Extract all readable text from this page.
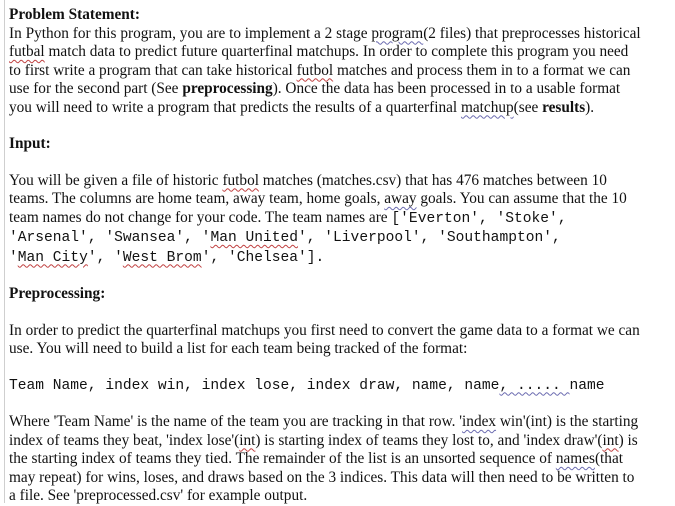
Problem Statement:

In Python for this program, you are to implement a 2 stage program(2 files) that preprocesses historical

futbal match data to predict future quarterfinal matchups. In order to complete this program you need

to first write a program that can take historical futbol matches and process them in to a format we can

use for the second part (See preprocessing). Once the data has been processed in to a usable format

you will need to write a program that predicts the results of a quarterfinal matchup(see results).

Input:

You will be given a file of historic futbol matches (matches.csv) that has 476 matches between 10

teams. The columns are home team, away team, home goals, away goals. You can assume that the 10

team names do not change for your code. The team names are ['Everton', 'Stoke',

'Arsenal', 'Swansea', 'Man United', 'Liverpool', 'Southampton',

'Man City', 'West Brom', 'Chelsea'].

Preprocessing:

In order to predict the quarterfinal matchups you first need to convert the game data to a format we can

use. You will need to build a list for each team being tracked of the format:

Team Name, index win, index lose, index draw, name, name, ..... name

Where 'Team Name' is the name of the team you are tracking in that row. 'index win'(int) is the starting

index of teams they beat, 'index lose'(int) is starting index of teams they lost to, and 'index draw'(int) is

the starting index of teams they tied. The remainder of the list is an unsorted sequence of names(that

may repeat) for wins, loses, and draws based on the 3 indices. This data will then need to be written to

a file. See 'preprocessed.csv' for example output.
